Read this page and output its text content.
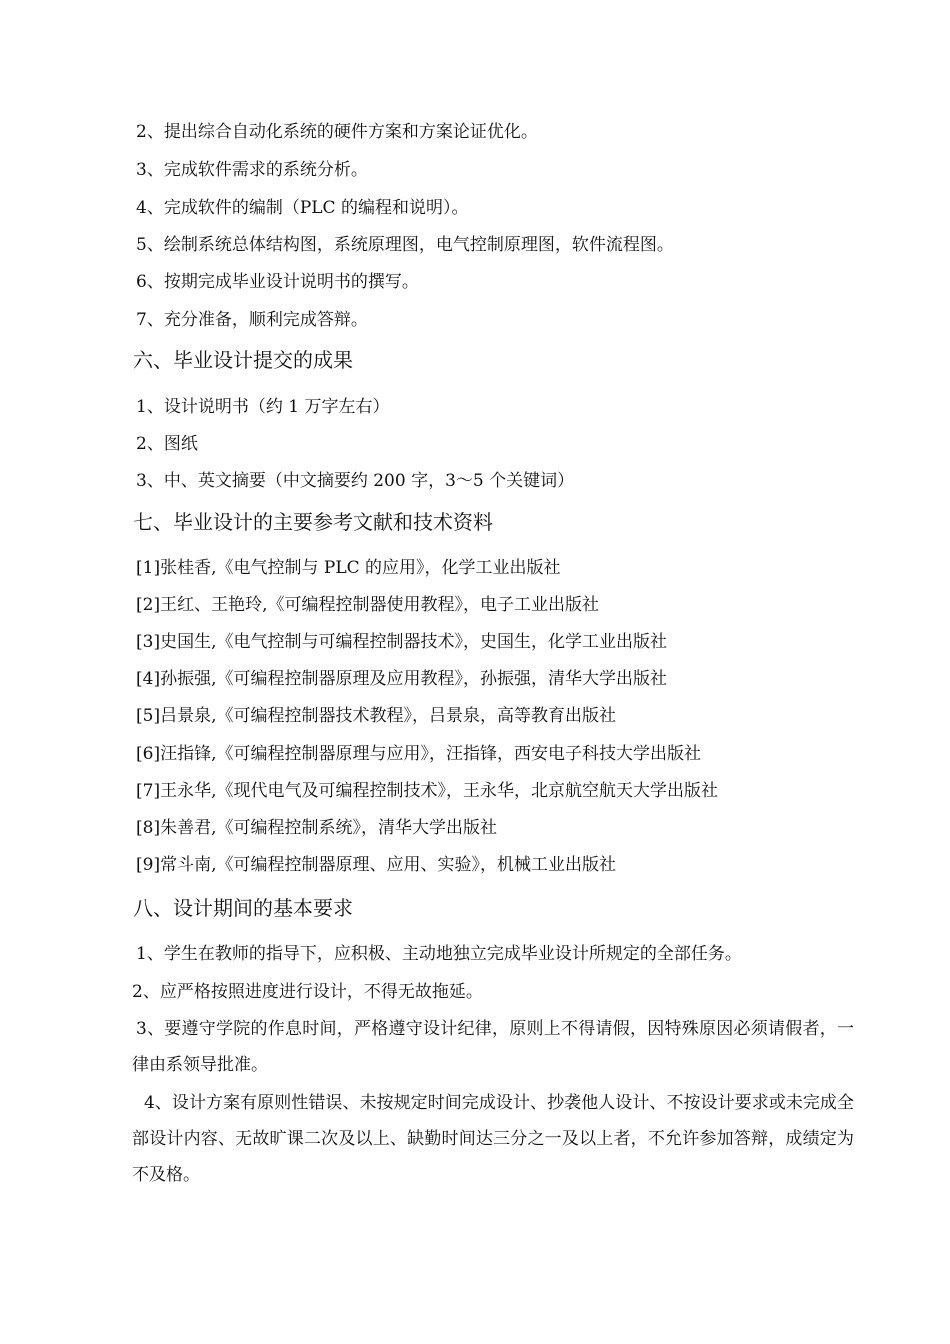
2、提出综合自动化系统的硬件方案和方案论证优化。
3、完成软件需求的系统分析。
4、完成软件的编制（PLC 的编程和说明）。
5、绘制系统总体结构图，系统原理图，电气控制原理图，软件流程图。
6、按期完成毕业设计说明书的撰写。
7、充分准备，顺利完成答辩。
六、毕业设计提交的成果
1、设计说明书（约 1 万字左右）
2、图纸
3、中、英文摘要（中文摘要约 200 字，3～5 个关键词）
七、毕业设计的主要参考文献和技术资料
[1]张桂香,《电气控制与 PLC 的应用》，化学工业出版社
[2]王红、王艳玲,《可编程控制器使用教程》，电子工业出版社
[3]史国生,《电气控制与可编程控制器技术》，史国生，化学工业出版社
[4]孙振强,《可编程控制器原理及应用教程》，孙振强，清华大学出版社
[5]吕景泉,《可编程控制器技术教程》，吕景泉，高等教育出版社
[6]汪指锋,《可编程控制器原理与应用》，汪指锋，西安电子科技大学出版社
[7]王永华,《现代电气及可编程控制技术》，王永华，北京航空航天大学出版社
[8]朱善君,《可编程控制系统》，清华大学出版社
[9]常斗南,《可编程控制器原理、应用、实验》，机械工业出版社
八、设计期间的基本要求
1、学生在教师的指导下，应积极、主动地独立完成毕业设计所规定的全部任务。
2、应严格按照进度进行设计，不得无故拖延。
3、要遵守学院的作息时间，严格遵守设计纪律，原则上不得请假，因特殊原因必须请假者，一律由系领导批准。
4、设计方案有原则性错误、未按规定时间完成设计、抄袭他人设计、不按设计要求或未完成全部设计内容、无故旷课二次及以上、缺勤时间达三分之一及以上者，不允许参加答辩，成绩定为不及格。
